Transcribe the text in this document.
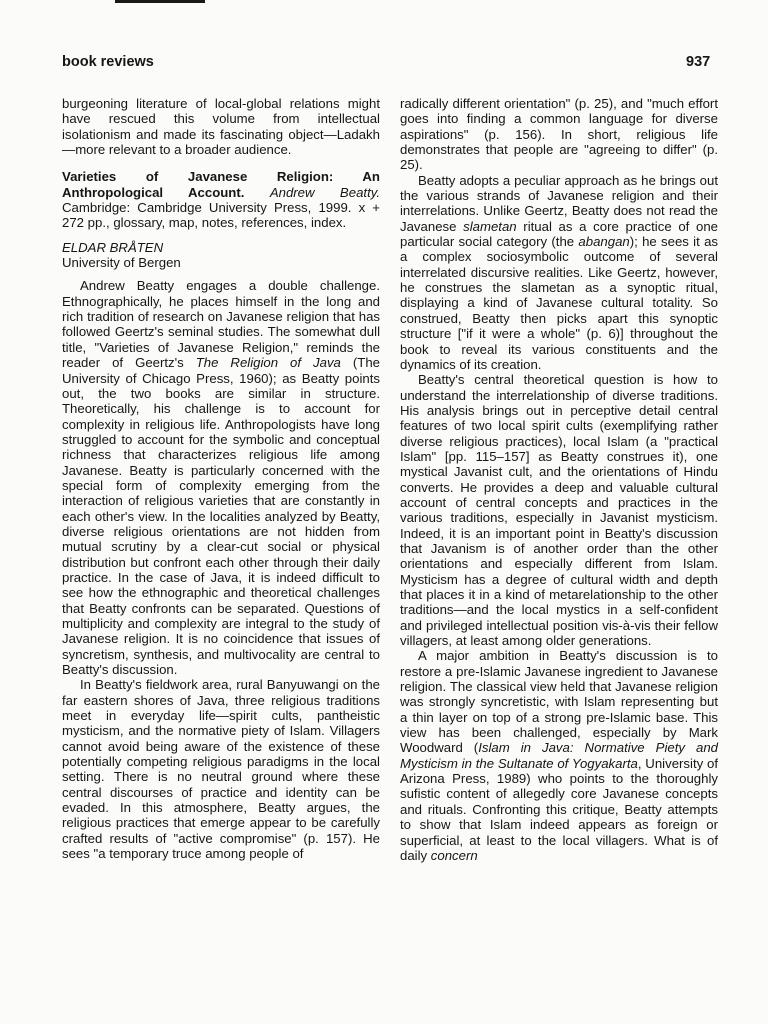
book reviews	937

burgeoning literature of local-global relations might have rescued this volume from intellectual isolationism and made its fascinating object—Ladakh—more relevant to a broader audience.

Varieties of Javanese Religion: An Anthropological Account. Andrew Beatty. Cambridge: Cambridge University Press, 1999. x + 272 pp., glossary, map, notes, references, index.

ELDAR BRÅTEN
University of Bergen

Andrew Beatty engages a double challenge. Ethnographically, he places himself in the long and rich tradition of research on Javanese religion that has followed Geertz's seminal studies. The somewhat dull title, "Varieties of Javanese Religion," reminds the reader of Geertz's The Religion of Java (The University of Chicago Press, 1960); as Beatty points out, the two books are similar in structure. Theoretically, his challenge is to account for complexity in religious life. Anthropologists have long struggled to account for the symbolic and conceptual richness that characterizes religious life among Javanese. Beatty is particularly concerned with the special form of complexity emerging from the interaction of religious varieties that are constantly in each other's view. In the localities analyzed by Beatty, diverse religious orientations are not hidden from mutual scrutiny by a clear-cut social or physical distribution but confront each other through their daily practice. In the case of Java, it is indeed difficult to see how the ethnographic and theoretical challenges that Beatty confronts can be separated. Questions of multiplicity and complexity are integral to the study of Javanese religion. It is no coincidence that issues of syncretism, synthesis, and multivocality are central to Beatty's discussion.

In Beatty's fieldwork area, rural Banyuwangi on the far eastern shores of Java, three religious traditions meet in everyday life—spirit cults, pantheistic mysticism, and the normative piety of Islam. Villagers cannot avoid being aware of the existence of these potentially competing religious paradigms in the local setting. There is no neutral ground where these central discourses of practice and identity can be evaded. In this atmosphere, Beatty argues, the religious practices that emerge appear to be carefully crafted results of "active compromise" (p. 157). He sees "a temporary truce among people of

radically different orientation" (p. 25), and "much effort goes into finding a common language for diverse aspirations" (p. 156). In short, religious life demonstrates that people are "agreeing to differ" (p. 25).

Beatty adopts a peculiar approach as he brings out the various strands of Javanese religion and their interrelations. Unlike Geertz, Beatty does not read the Javanese slametan ritual as a core practice of one particular social category (the abangan); he sees it as a complex sociosymbolic outcome of several interrelated discursive realities. Like Geertz, however, he construes the slametan as a synoptic ritual, displaying a kind of Javanese cultural totality. So construed, Beatty then picks apart this synoptic structure ["if it were a whole" (p. 6)] throughout the book to reveal its various constituents and the dynamics of its creation.

Beatty's central theoretical question is how to understand the interrelationship of diverse traditions. His analysis brings out in perceptive detail central features of two local spirit cults (exemplifying rather diverse religious practices), local Islam (a "practical Islam" [pp. 115–157] as Beatty construes it), one mystical Javanist cult, and the orientations of Hindu converts. He provides a deep and valuable cultural account of central concepts and practices in the various traditions, especially in Javanist mysticism. Indeed, it is an important point in Beatty's discussion that Javanism is of another order than the other orientations and especially different from Islam. Mysticism has a degree of cultural width and depth that places it in a kind of metarelationship to the other traditions—and the local mystics in a self-confident and privileged intellectual position vis-à-vis their fellow villagers, at least among older generations.

A major ambition in Beatty's discussion is to restore a pre-Islamic Javanese ingredient to Javanese religion. The classical view held that Javanese religion was strongly syncretistic, with Islam representing but a thin layer on top of a strong pre-Islamic base. This view has been challenged, especially by Mark Woodward (Islam in Java: Normative Piety and Mysticism in the Sultanate of Yogyakarta, University of Arizona Press, 1989) who points to the thoroughly sufistic content of allegedly core Javanese concepts and rituals. Confronting this critique, Beatty attempts to show that Islam indeed appears as foreign or superficial, at least to the local villagers. What is of daily concern
